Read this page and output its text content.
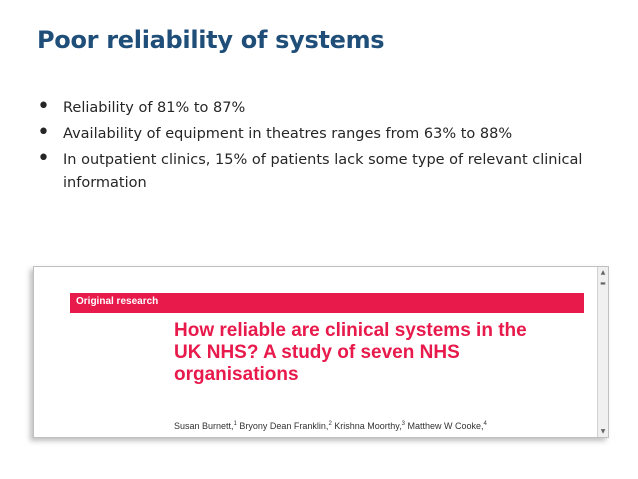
Poor reliability of systems
• Reliability of 81% to 87%
• Availability of equipment in theatres ranges from 63% to 88%
• In outpatient clinics, 15% of patients lack some type of relevant clinical information
Original research
How reliable are clinical systems in the UK NHS? A study of seven NHS organisations
Susan Burnett,$^1$ Bryony Dean Franklin,$^2$ Krishna Moorthy,$^3$ Matthew W Cooke,$^4$
▲
▬
▼
